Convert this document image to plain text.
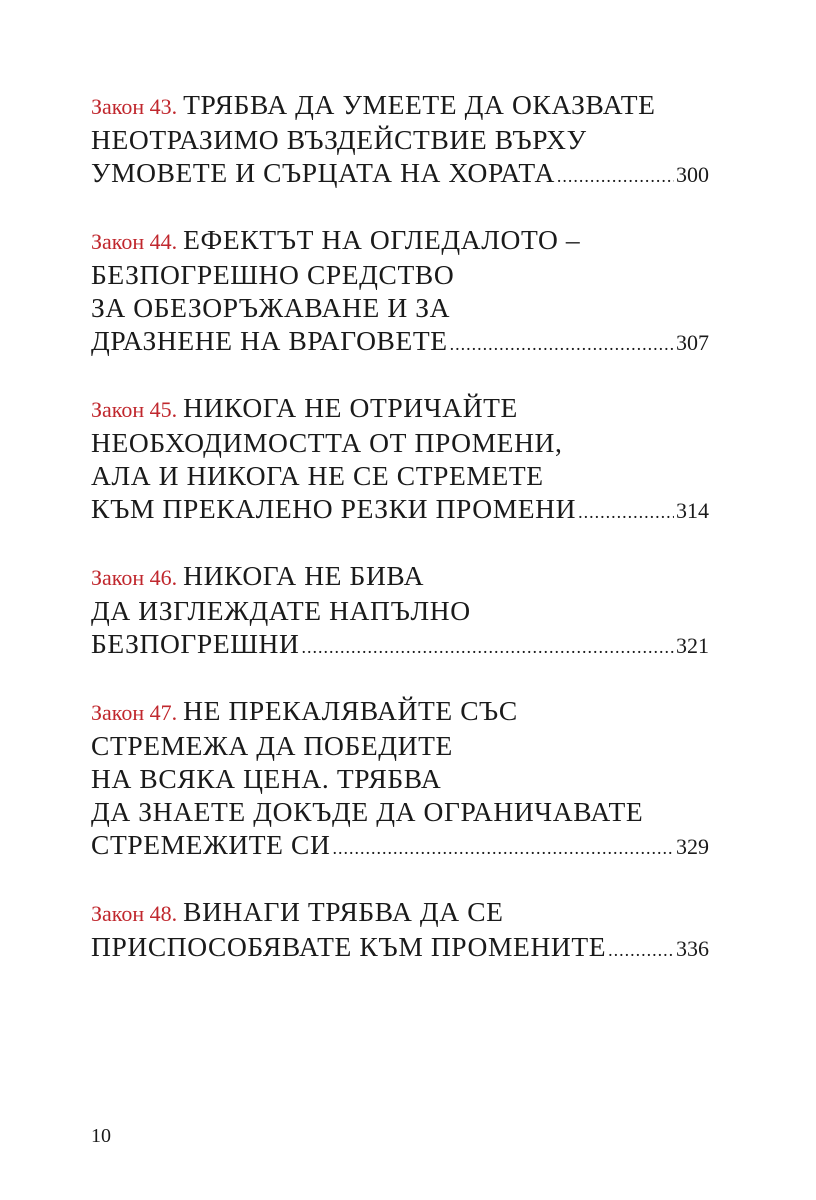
Закон 43. ТРЯБВА ДА УМЕЕТЕ ДА ОКАЗВАТЕ
НЕОТРАЗИМО ВЪЗДЕЙСТВИЕ ВЪРХУ
УМОВЕТЕ И СЪРЦАТА НА ХОРАТА .....	300
Закон 44. ЕФЕКТЪТ НА ОГЛЕДАЛОТО –
БЕЗПОГРЕШНО СРЕДСТВО
ЗА ОБЕЗОРЪЖАВАНЕ И ЗА
ДРАЗНЕНЕ НА ВРАГОВЕТЕ .....	307
Закон 45. НИКОГА НЕ ОТРИЧАЙТЕ
НЕОБХОДИМОСТТА ОТ ПРОМЕНИ,
АЛА И НИКОГА НЕ СЕ СТРЕМЕТЕ
КЪМ ПРЕКАЛЕНО РЕЗКИ ПРОМЕНИ .....	314
Закон 46. НИКОГА НЕ БИВА
ДА ИЗГЛЕЖДАТЕ НАПЪЛНО
БЕЗПОГРЕШНИ .....	321
Закон 47. НЕ ПРЕКАЛЯВАЙТЕ СЪС
СТРЕМЕЖА ДА ПОБЕДИТЕ
НА ВСЯКА ЦЕНА. ТРЯБВА
ДА ЗНАЕТЕ ДОКЪДЕ ДА ОГРАНИЧАВАТЕ
СТРЕМЕЖИТЕ СИ .....	329
Закон 48. ВИНАГИ ТРЯБВА ДА СЕ
ПРИСПОСОБЯВАТЕ КЪМ ПРОМЕНИТЕ .....	336
10
